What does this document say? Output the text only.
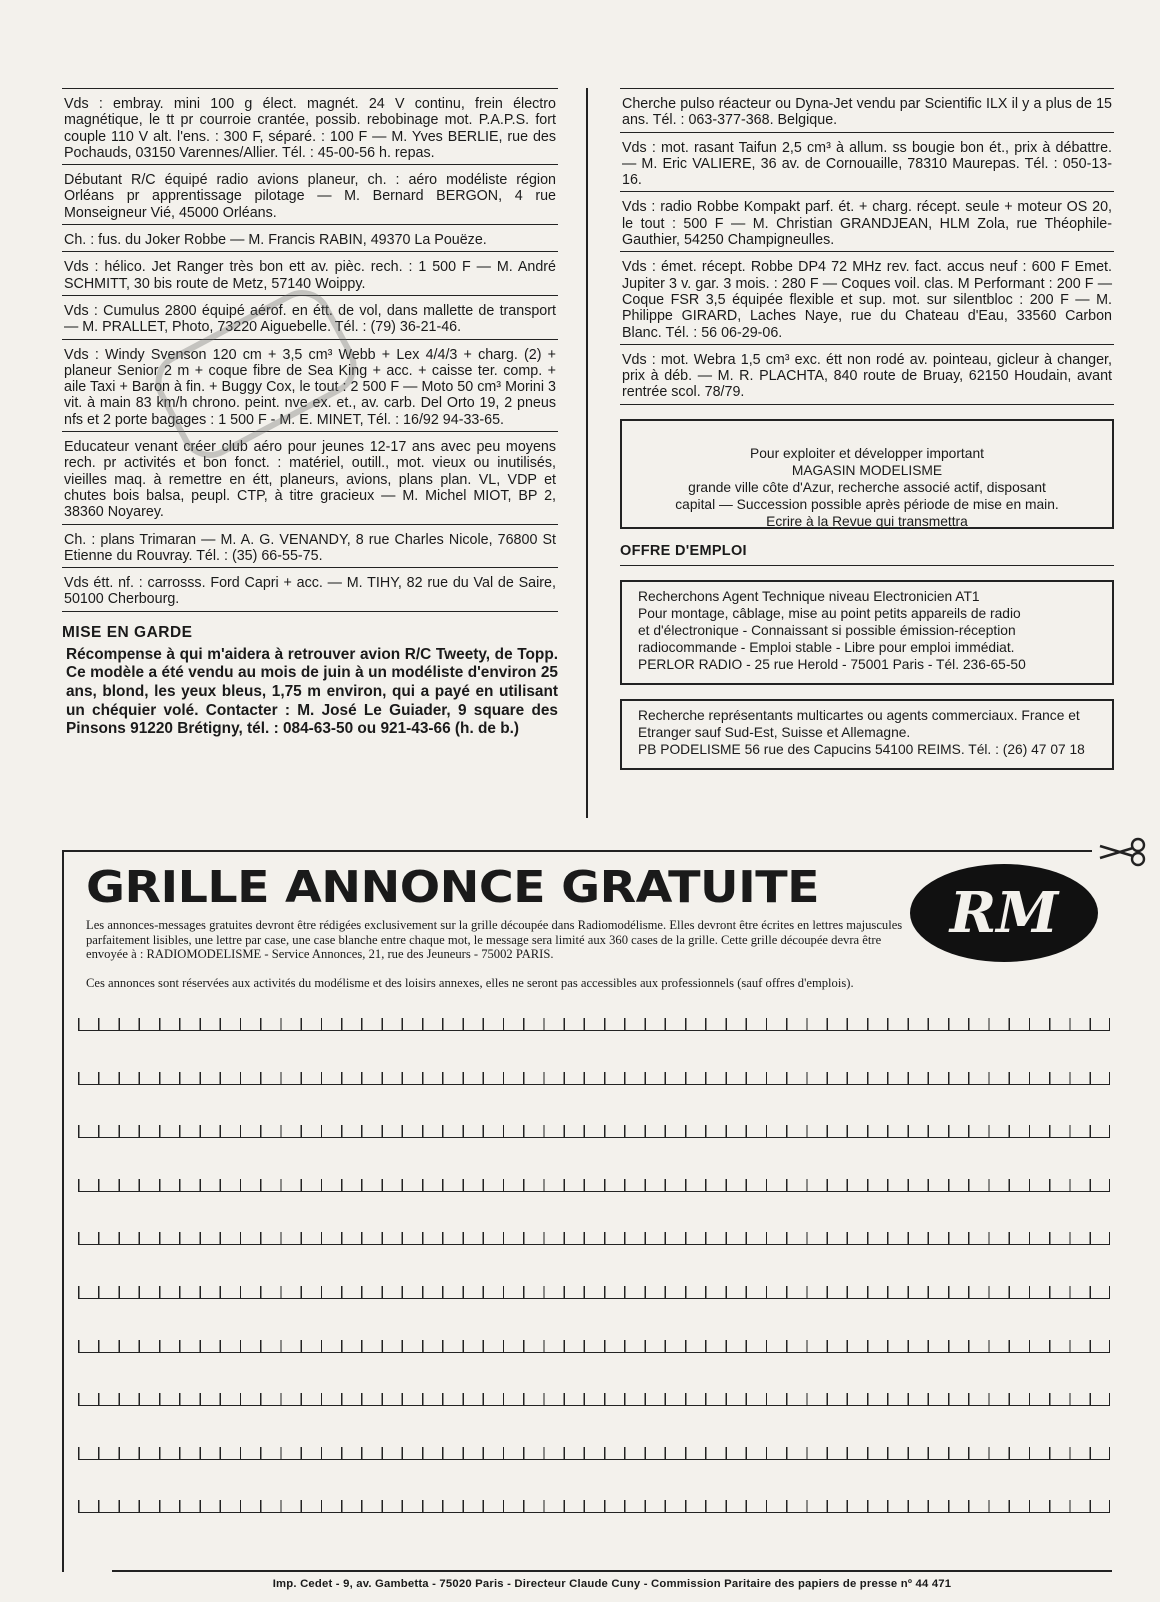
Vds : embray. mini 100 g élect. magnét. 24 V continu, frein électro magnétique, le tt pr courroie crantée, possib. rebobinage mot. P.A.P.S. fort couple 110 V alt. l'ens. : 300 F, séparé. : 100 F — M. Yves BERLIE, rue des Pochauds, 03150 Varennes/Allier. Tél. : 45-00-56 h. repas.
Débutant R/C équipé radio avions planeur, ch. : aéro modéliste région Orléans pr apprentissage pilotage — M. Bernard BERGON, 4 rue Monseigneur Vié, 45000 Orléans.
Ch. : fus. du Joker Robbe — M. Francis RABIN, 49370 La Pouëze.
Vds : hélico. Jet Ranger très bon ett av. pièc. rech. : 1 500 F — M. André SCHMITT, 30 bis route de Metz, 57140 Woippy.
Vds : Cumulus 2800 équipé aérof. en étt. de vol, dans mallette de transport — M. PRALLET, Photo, 73220 Aiguebelle. Tél. : (79) 36-21-46.
Vds : Windy Svenson 120 cm + 3,5 cm³ Webb + Lex 4/4/3 + charg. (2) + planeur Senior 2 m + coque fibre de Sea King + acc. + caisse ter. comp. + aile Taxi + Baron à fin. + Buggy Cox, le tout : 2 500 F — Moto 50 cm³ Morini 3 vit. à main 83 km/h chrono. peint. nve ex. et., av. carb. Del Orto 19, 2 pneus nfs et 2 porte bagages : 1 500 F - M. E. MINET, Tél. : 16/92 94-33-65.
Educateur venant créer club aéro pour jeunes 12-17 ans avec peu moyens rech. pr activités et bon fonct. : matériel, outill., mot. vieux ou inutilisés, vieilles maq. à remettre en étt, planeurs, avions, plans plan. VL, VDP et chutes bois balsa, peupl. CTP, à titre gracieux — M. Michel MIOT, BP 2, 38360 Noyarey.
Ch. : plans Trimaran — M. A. G. VENANDY, 8 rue Charles Nicole, 76800 St Etienne du Rouvray. Tél. : (35) 66-55-75.
Vds étt. nf. : carrosss. Ford Capri + acc. — M. TIHY, 82 rue du Val de Saire, 50100 Cherbourg.
MISE EN GARDE
Récompense à qui m'aidera à retrouver avion R/C Tweety, de Topp. Ce modèle a été vendu au mois de juin à un modéliste d'environ 25 ans, blond, les yeux bleus, 1,75 m environ, qui a payé en utilisant un chéquier volé. Contacter : M. José Le Guiader, 9 square des Pinsons 91220 Brétigny, tél. : 084-63-50 ou 921-43-66 (h. de b.)
Cherche pulso réacteur ou Dyna-Jet vendu par Scientific ILX il y a plus de 15 ans. Tél. : 063-377-368. Belgique.
Vds : mot. rasant Taifun 2,5 cm³ à allum. ss bougie bon ét., prix à débattre. — M. Eric VALIERE, 36 av. de Cornouaille, 78310 Maurepas. Tél. : 050-13-16.
Vds : radio Robbe Kompakt parf. ét. + charg. récept. seule + moteur OS 20, le tout : 500 F — M. Christian GRANDJEAN, HLM Zola, rue Théophile-Gauthier, 54250 Champigneulles.
Vds : émet. récept. Robbe DP4 72 MHz rev. fact. accus neuf : 600 F Emet. Jupiter 3 v. gar. 3 mois. : 280 F — Coques voil. clas. M Performant : 200 F — Coque FSR 3,5 équipée flexible et sup. mot. sur silentbloc : 200 F — M. Philippe GIRARD, Laches Naye, rue du Chateau d'Eau, 33560 Carbon Blanc. Tél. : 56 06-29-06.
Vds : mot. Webra 1,5 cm³ exc. étt non rodé av. pointeau, gicleur à changer, prix à déb. — M. R. PLACHTA, 840 route de Bruay, 62150 Houdain, avant rentrée scol. 78/79.
Pour exploiter et développer important
MAGASIN MODELISME
grande ville côte d'Azur, recherche associé actif, disposant
capital — Succession possible après période de mise en main.
Ecrire à la Revue qui transmettra
OFFRE D'EMPLOI
Recherchons Agent Technique niveau Electronicien AT1
Pour montage, câblage, mise au point petits appareils de radio
et d'électronique - Connaissant si possible émission-réception
radiocommande - Emploi stable - Libre pour emploi immédiat.
PERLOR RADIO - 25 rue Herold - 75001 Paris - Tél. 236-65-50
Recherche représentants multicartes ou agents commerciaux. France et Etranger sauf Sud-Est, Suisse et Allemagne.
PB PODELISME 56 rue des Capucins 54100 REIMS. Tél. : (26) 47 07 18
GRILLE ANNONCE GRATUITE RM
Les annonces-messages gratuites devront être rédigées exclusivement sur la grille découpée dans Radiomodélisme. Elles devront être écrites en lettres majuscules parfaitement lisibles, une lettre par case, une case blanche entre chaque mot, le message sera limité aux 360 cases de la grille. Cette grille découpée devra être envoyée à : RADIOMODELISME - Service Annonces, 21, rue des Jeuneurs - 75002 PARIS.
Ces annonces sont réservées aux activités du modélisme et des loisirs annexes, elles ne seront pas accessibles aux professionnels (sauf offres d'emplois).
Imp. Cedet - 9, av. Gambetta - 75020 Paris - Directeur Claude Cuny - Commission Paritaire des papiers de presse nº 44 471
